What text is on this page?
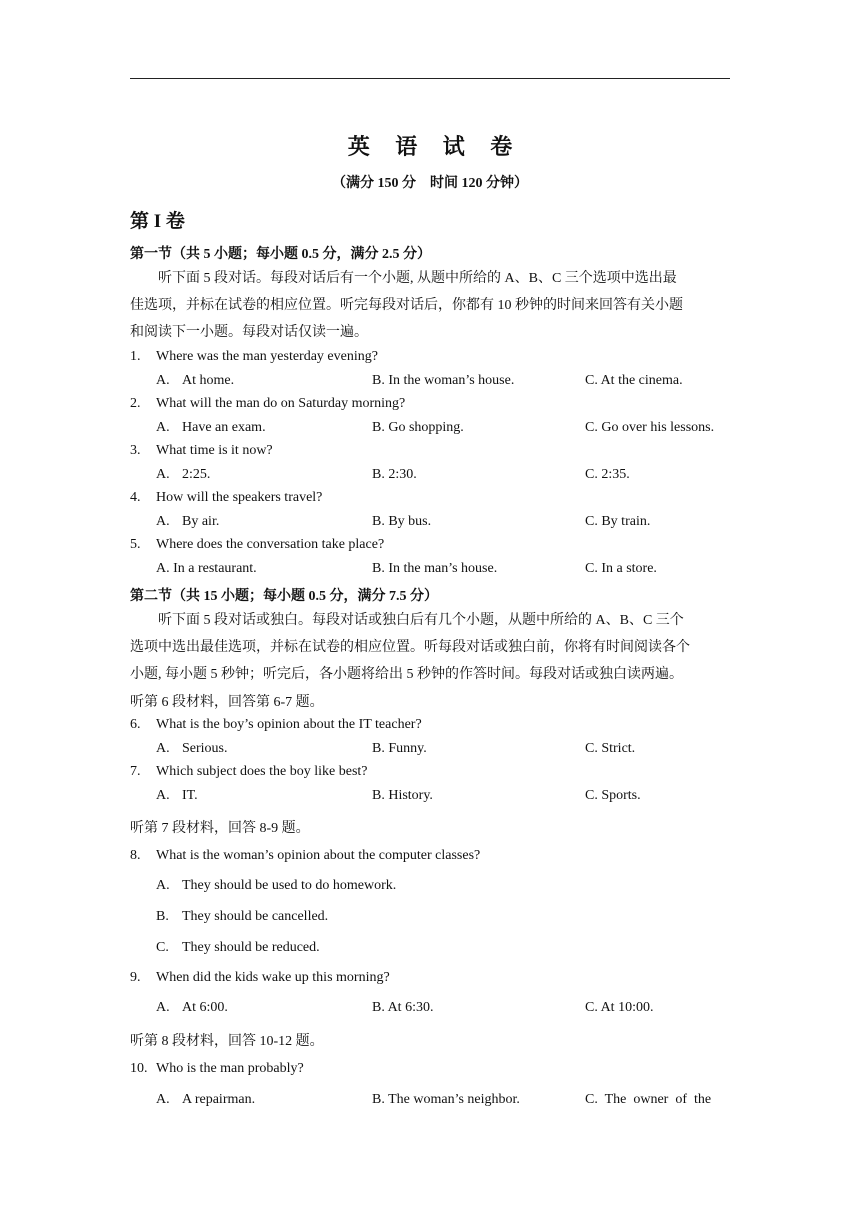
英 语 试 卷
（满分 150 分　时间 120 分钟）
第 I 卷
第一节（共 5 小题；每小题 0.5 分，满分 2.5 分）

听下面 5 段对话。每段对话后有一个小题, 从题中所给的 A、B、C 三个选项中选出最

佳选项，并标在试卷的相应位置。听完每段对话后，你都有 10 秒钟的时间来回答有关小题

和阅读下一小题。每段对话仅读一遍。

1. Where was the man yesterday evening?
A. At home.	B. In the woman’s house.	C. At the cinema.
2. What will the man do on Saturday morning?
A. Have an exam.	B. Go shopping.	C. Go over his lessons.
3. What time is it now?
A. 2:25.	B. 2:30.	C. 2:35.
4. How will the speakers travel?
A. By air.	B. By bus.	C. By train.
5. Where does the conversation take place?
A. In a restaurant.	B. In the man’s house.	C. In a store.
第二节（共 15 小题；每小题 0.5 分，满分 7.5 分）

听下面 5 段对话或独白。每段对话或独白后有几个小题，从题中所给的 A、B、C 三个

选项中选出最佳选项，并标在试卷的相应位置。听每段对话或独白前，你将有时间阅读各个

小题, 每小题 5 秒钟；听完后，各小题将给出 5 秒钟的作答时间。每段对话或独白读两遍。

听第 6 段材料，回答第 6-7 题。
6. What is the boy’s opinion about the IT teacher?
A. Serious.	B. Funny.	C. Strict.
7. Which subject does the boy like best?
A. IT.	B. History.	C. Sports.
听第 7 段材料，回答 8-9 题。
8. What is the woman’s opinion about the computer classes?
A. They should be used to do homework.
B. They should be cancelled.
C. They should be reduced.
9. When did the kids wake up this morning?
A. At 6:00.	B. At 6:30.	C. At 10:00.
听第 8 段材料，回答 10-12 题。
10. Who is the man probably?
A. A repairman.	B. The woman’s neighbor.	C.  The  owner  of  the
